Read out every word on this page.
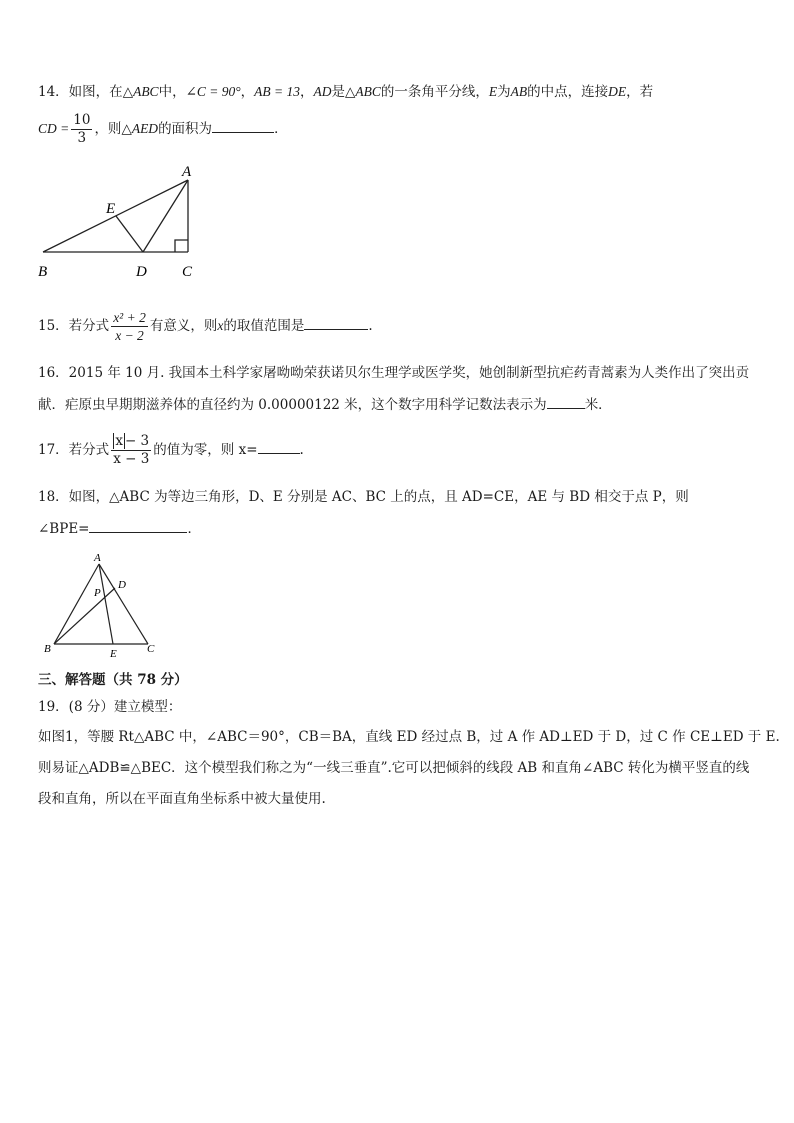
14．如图，在△ABC中，∠C = 90°，AB = 13，AD是△ABC的一条角平分线，E为AB的中点，连接DE，若
CD = $\frac{10}{3}$ ，则△AED的面积为	．
A
E
B	D C
15．若分式 $\frac{\text{x² + 2}}{x - 2}$ 有意义，则x的取值范围是	.
16．2015 年 10 月. 我国本土科学家屠呦呦荣获诺贝尔生理学或医学奖，她创制新型抗疟药青蒿素为人类作出了突出贡
献．疟原虫早期期滋养体的直径约为 0.00000122 米，这个数字用科学记数法表示为	米．
17．若分式 $\frac{x - 3}{x - 3}$ 的值为零，则 x=	.
18．如图，△ABC 为等边三角形，D、E 分别是 AC、BC 上的点，且 AD=CE，AE 与 BD 相交于点 P，则
∠BPE=	．
A
D
P
B	E	C
三、解答题（共 78 分）
19．(8 分）建立模型：
如图1，等腰 Rt△ABC 中，∠ABC＝90°，CB＝BA，直线 ED 经过点 B，过 A 作 AD⊥ED 于 D，过 C 作 CE⊥ED 于 E.
则易证△ADB≌△BEC．这个模型我们称之为“一线三垂直”.它可以把倾斜的线段 AB 和直角∠ABC 转化为横平竖直的线
段和直角，所以在平面直角坐标系中被大量使用.
